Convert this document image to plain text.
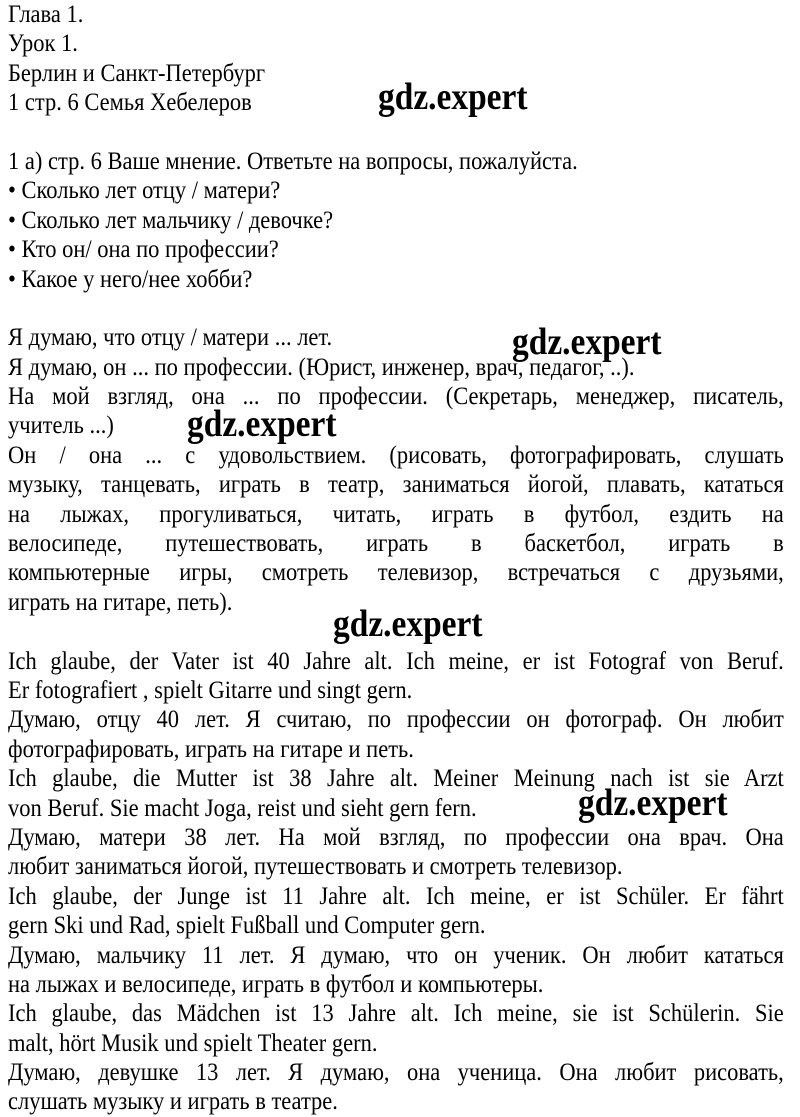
Глава 1.
Урок 1.
Берлин и Санкт-Петербург
1 стр. 6 Семья Хебелеров
1 а) стр. 6 Ваше мнение. Ответьте на вопросы, пожалуйста.
• Сколько лет отцу / матери?
• Сколько лет мальчику / девочке?
• Кто он/ она по профессии?
• Какое у него/нее хобби?
Я думаю, что отцу / матери ... лет.
Я думаю, он ... по профессии. (Юрист, инженер, врач, педагог, ..).
На мой взгляд, она ... по профессии. (Секретарь, менеджер, писатель,
учитель ...)
Он / она ... с удовольствием. (рисовать, фотографировать, слушать
музыку, танцевать, играть в театр, заниматься йогой, плавать, кататься
на лыжах, прогуливаться, читать, играть в футбол, ездить на
велосипеде, путешествовать, играть в баскетбол, играть в
компьютерные игры, смотреть телевизор, встречаться с друзьями,
играть на гитаре, петь).
Ich glaube, der Vater ist 40 Jahre alt. Ich meine, er ist Fotograf von Beruf.
Er fotografiert , spielt Gitarre und singt gern.
Думаю, отцу 40 лет. Я считаю, по профессии он фотограф. Он любит
фотографировать, играть на гитаре и петь.
Ich glaube, die Mutter ist 38 Jahre alt. Meiner Meinung nach ist sie Arzt
von Beruf. Sie macht Joga, reist und sieht gern fern.
Думаю, матери 38 лет. На мой взгляд, по профессии она врач. Она
любит заниматься йогой, путешествовать и смотреть телевизор.
Ich glaube, der Junge ist 11 Jahre alt. Ich meine, er ist Schüler. Er fährt
gern Ski und Rad, spielt Fußball und Computer gern.
Думаю, мальчику 11 лет. Я думаю, что он ученик. Он любит кататься
на лыжах и велосипеде, играть в футбол и компьютеры.
Ich glaube, das Mädchen ist 13 Jahre alt. Ich meine, sie ist Schülerin. Sie
malt, hört Musik und spielt Theater gern.
Думаю, девушке 13 лет. Я думаю, она ученица. Она любит рисовать,
слушать музыку и играть в театре.
gdz.expert
gdz.expert
gdz.expert
gdz.expert
gdz.expert
